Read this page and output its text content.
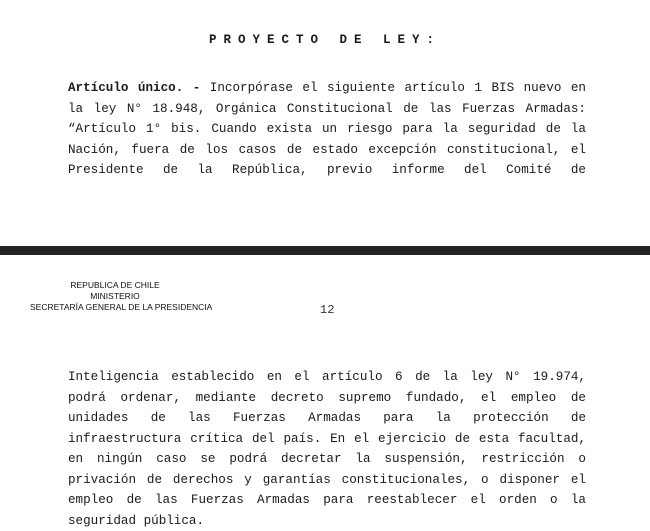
PROYECTO DE LEY:
Artículo único. - Incorpórase el siguiente artículo 1 BIS nuevo en
la ley N° 18.948, Orgánica Constitucional de las Fuerzas Armadas:
“Artículo 1° bis. Cuando exista un riesgo para la seguridad de la
Nación, fuera de los casos de estado excepción constitucional, el
Presidente de la República, previo informe del Comité de
REPUBLICA DE CHILE
MINISTERIO
SECRETARÍA GENERAL DE LA PRESIDENCIA	12
Inteligencia establecido en el artículo 6 de la ley N° 19.974,
podrá ordenar, mediante decreto supremo fundado, el empleo de
unidades de las Fuerzas Armadas para la protección de
infraestructura crítica del país. En el ejercicio de esta facultad,
en ningún caso se podrá decretar la suspensión, restricción o
privación de derechos y garantías constitucionales, o disponer el
empleo de las Fuerzas Armadas para reestablecer el orden o la
seguridad pública.
